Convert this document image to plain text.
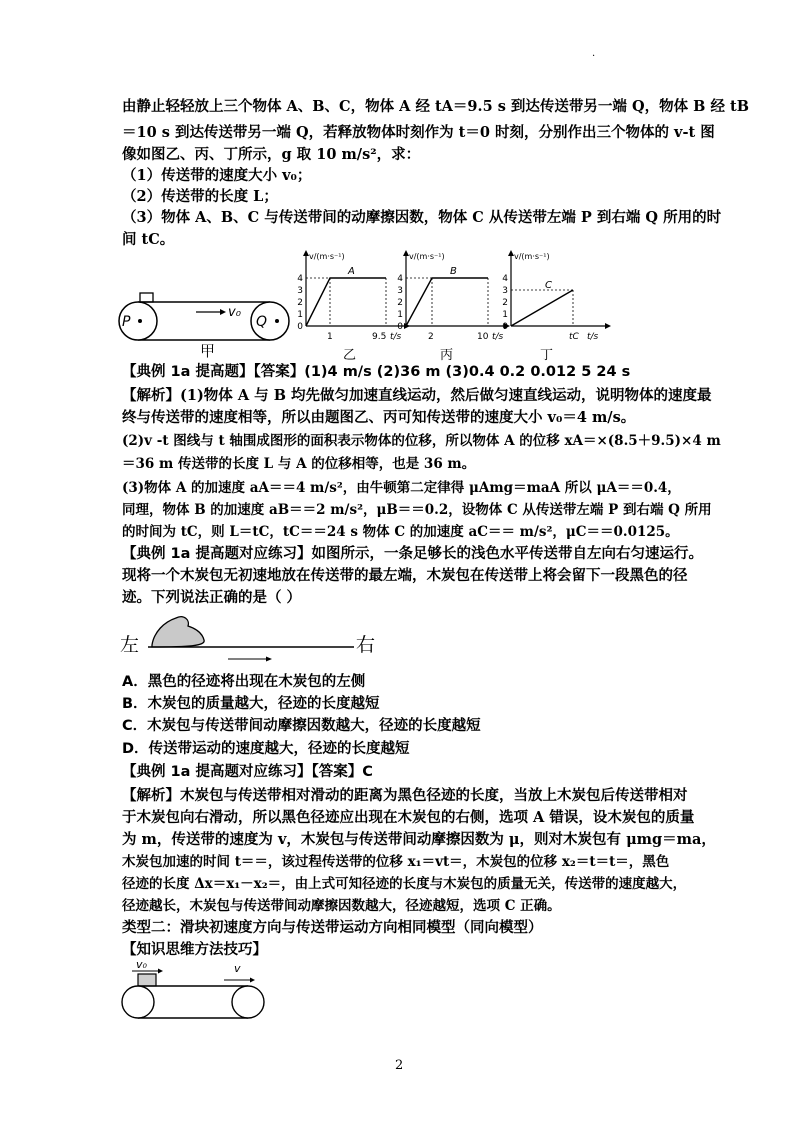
.
由静止轻轻放上三个物体 A、B、C，物体 A 经 tA＝9.5 s 到达传送带另一端 Q，物体 B 经 tB
＝10 s 到达传送带另一端 Q，若释放物体时刻作为 t＝0 时刻，分别作出三个物体的 v-t 图
像如图乙、丙、丁所示，g 取 10 m/s²，求：
（1）传送带的速度大小 v₀；
（2）传送带的长度 L；
（3）物体 A、B、C 与传送带间的动摩擦因数，物体 C 从传送带左端 P 到右端 Q 所用的时
间 tC。
P	Q
v₀
甲
v/(m·s⁻¹)
4
3
2
1
0
A
1	9.5 t/s
乙
v/(m·s⁻¹)
4
3
2
1
0
B
2	10 t/s
丙
v/(m·s⁻¹)
4
3
2
1
0
C
tC t/s
丁
【典例 1a 提高题】【答案】(1)4 m/s (2)36 m (3)0.4 0.2 0.012 5 24 s
【解析】(1)物体 A 与 B 均先做匀加速直线运动，然后做匀速直线运动，说明物体的速度最
终与传送带的速度相等，所以由题图乙、丙可知传送带的速度大小 v₀＝4 m/s。
(2)v -t 图线与 t 轴围成图形的面积表示物体的位移，所以物体 A 的位移 xA＝×(8.5＋9.5)×4 m
＝36 m 传送带的长度 L 与 A 的位移相等，也是 36 m。
(3)物体 A 的加速度 aA＝＝4 m/s²，由牛顿第二定律得 μAmg＝maA 所以 μA＝＝0.4，
同理，物体 B 的加速度 aB＝＝2 m/s²，μB＝＝0.2，设物体 C 从传送带左端 P 到右端 Q 所用
的时间为 tC，则 L＝tC，tC＝＝24 s 物体 C 的加速度 aC＝＝ m/s²，μC＝＝0.0125。
【典例 1a 提高题对应练习】如图所示，一条足够长的浅色水平传送带自左向右匀速运行。
现将一个木炭包无初速地放在传送带的最左端，木炭包在传送带上将会留下一段黑色的径
迹。下列说法正确的是（ ）
左	右
A．黑色的径迹将出现在木炭包的左侧
B．木炭包的质量越大，径迹的长度越短
C．木炭包与传送带间动摩擦因数越大，径迹的长度越短
D．传送带运动的速度越大，径迹的长度越短
【典例 1a 提高题对应练习】【答案】C
【解析】木炭包与传送带相对滑动的距离为黑色径迹的长度，当放上木炭包后传送带相对
于木炭包向右滑动，所以黑色径迹应出现在木炭包的右侧，选项 A 错误，设木炭包的质量
为 m，传送带的速度为 v，木炭包与传送带间动摩擦因数为 μ，则对木炭包有 μmg＝ma，
木炭包加速的时间 t＝＝，该过程传送带的位移 x₁＝vt＝，木炭包的位移 x₂＝t＝t＝，黑色
径迹的长度 Δx＝x₁－x₂＝，由上式可知径迹的长度与木炭包的质量无关，传送带的速度越大，
径迹越长，木炭包与传送带间动摩擦因数越大，径迹越短，选项 C 正确。
类型二：滑块初速度方向与传送带运动方向相同模型（同向模型）
【知识思维方法技巧】
v₀	v
2
